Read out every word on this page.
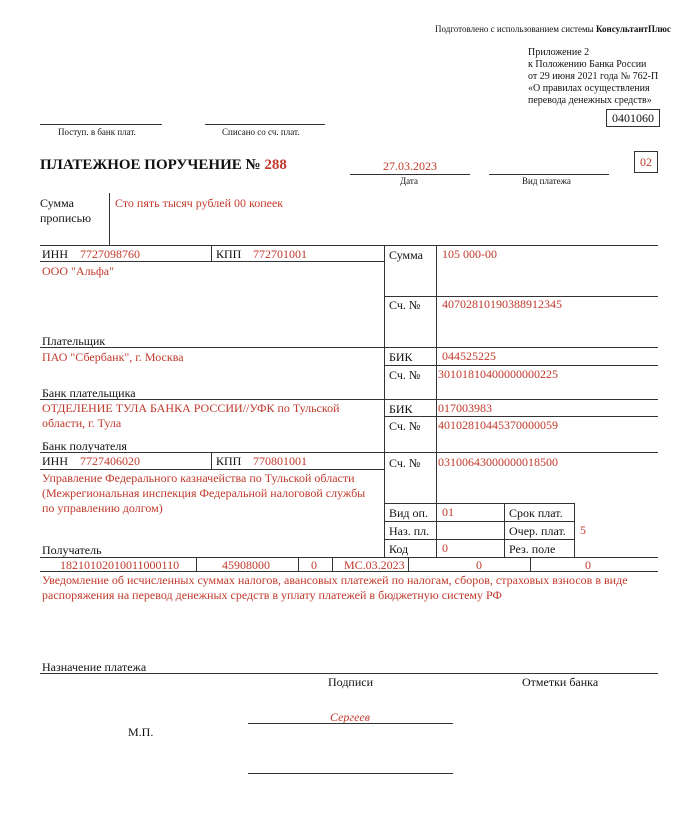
Подготовлено с использованием системы КонсультантПлюс
Приложение 2
к Положению Банка России
от 29 июня 2021 года № 762-П
«О правилах осуществления
перевода денежных средств»
0401060
Поступ. в банк плат.	Списано со сч. плат.
ПЛАТЕЖНОЕ ПОРУЧЕНИЕ № 288	27.03.2023
Дата	Вид платежа
02
Сумма
прописью
Сто пять тысяч рублей 00 копеек
ИНН 7727098760	КПП 772701001
ООО "Альфа"
Плательщик
Сумма 105 000-00
Сч. № 40702810190388912345
ПАО "Сбербанк", г. Москва
Банк плательщика
БИК 044525225
Сч. № 30101810400000000225
ОТДЕЛЕНИЕ ТУЛА БАНКА РОССИИ//УФК по Тульской области, г. Тула
Банк получателя
БИК 017003983
Сч. № 40102810445370000059
ИНН 7727406020	КПП 770801001	Сч. № 03100643000000018500
Управление Федерального казначейства по Тульской области (Межрегиональная инспекция Федеральной налоговой службы по управлению долгом)
Получатель
Вид оп. 01	Срок плат.
Наз. пл.	Очер. плат. 5
Код	0	Рез. поле
18210102010011000110	45908000	0 МС.03.2023	0	0
Уведомление об исчисленных суммах налогов, авансовых платежей по налогам, сборов, страховых взносов в виде распоряжения на перевод денежных средств в уплату платежей в бюджетную систему РФ
Назначение платежа
Подписи	Отметки банка
Сергеев
М.П.
